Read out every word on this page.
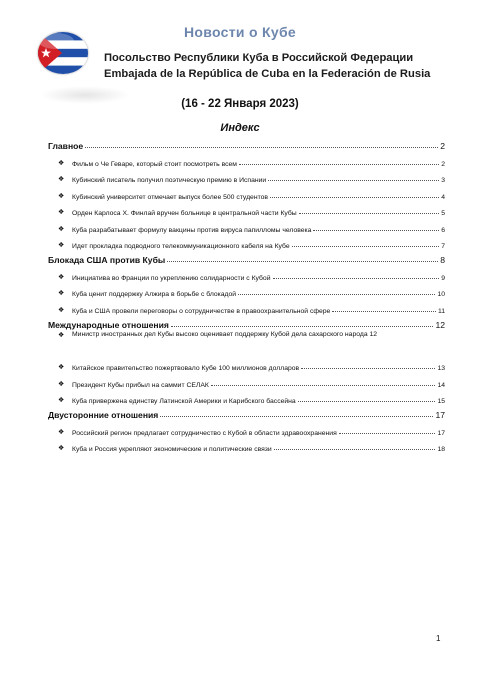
Новости о Кубе
Посольство Республики Куба в Российской Федерации
Embajada de la República de Cuba en la Federación de Rusia
(16 - 22 Января 2023)
Индекс
Главное	2
❖ Фильм о Че Геваре, который стоит посмотреть всем	2
❖ Кубинский писатель получил поэтическую премию в Испании	3
❖ Кубинский университет отмечает выпуск более 500 студентов	4
❖ Орден Карлоса Х. Финлай вручен больнице в центральной части Кубы	5
❖ Куба разрабатывает формулу вакцины против вируса папилломы человека	6
❖ Идет прокладка подводного телекоммуникационного кабеля на Кубе	7
Блокада США против Кубы	8
❖ Инициатива во Франции по укреплению солидарности с Кубой	9
❖ Куба ценит поддержку Алжира в борьбе с блокадой	10
❖ Куба и США провели переговоры о сотрудничестве в правоохранительной сфере	11
Международные отношения	12
❖ Министр иностранных дел Кубы высоко оценивает поддержку Кубой дела сахарского народа 12
❖ Китайское правительство пожертвовало Кубе 100 миллионов долларов	13
❖ Президент Кубы прибыл на саммит СЕЛАК	14
❖ Куба привержена единству Латинской Америки и Карибского бассейна	15
Двусторонние отношения	17
❖ Российский регион предлагает сотрудничество с Кубой в области здравоохранения	17
❖ Куба и Россия укрепляют экономические и политические связи	18
1
